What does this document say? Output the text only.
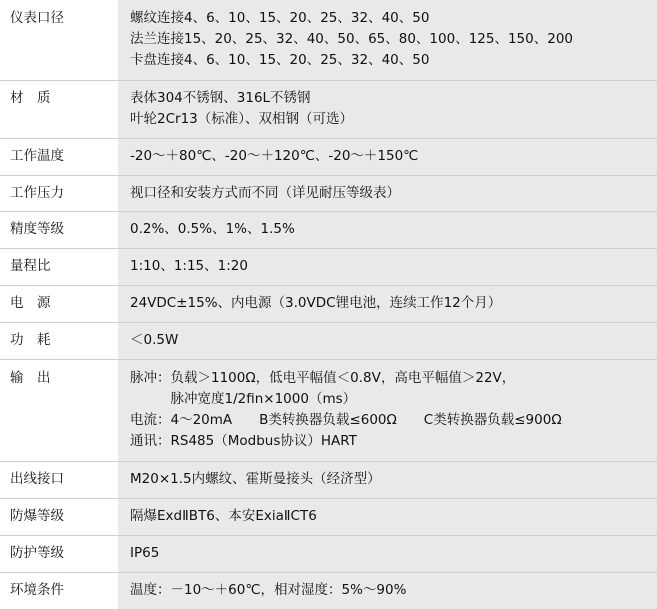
仪表口径	螺纹连接4、6、10、15、20、25、32、40、50
法兰连接15、20、25、32、40、50、65、80、100、125、150、200
卡盘连接4、6、10、15、20、25、32、40、50

材　质	表体304不锈钢、316L不锈钢
叶轮2Cr13（标准）、双相钢（可选）

工作温度	-20～＋80℃、-20～＋120℃、-20～＋150℃

工作压力	视口径和安装方式而不同（详见耐压等级表）

精度等级	0.2%、0.5%、1%、1.5%

量程比	1:10、1:15、1:20

电　源	24VDC±15%、内电源（3.0VDC锂电池，连续工作12个月）

功　耗	＜0.5W

输　出	脉冲：负载＞1100Ω，低电平幅值＜0.8V，高电平幅值＞22V，
　　　脉冲宽度1/2fin×1000（ms）
电流：4～20mA　　B类转换器负载≤600Ω　　C类转换器负载≤900Ω
通讯：RS485（Modbus协议）HART

出线接口	M20×1.5内螺纹、霍斯曼接头（经济型）

防爆等级	隔爆ExdⅡBT6、本安ExiaⅡCT6

防护等级	IP65

环境条件	温度：－10～＋60℃，相对湿度：5%～90%
